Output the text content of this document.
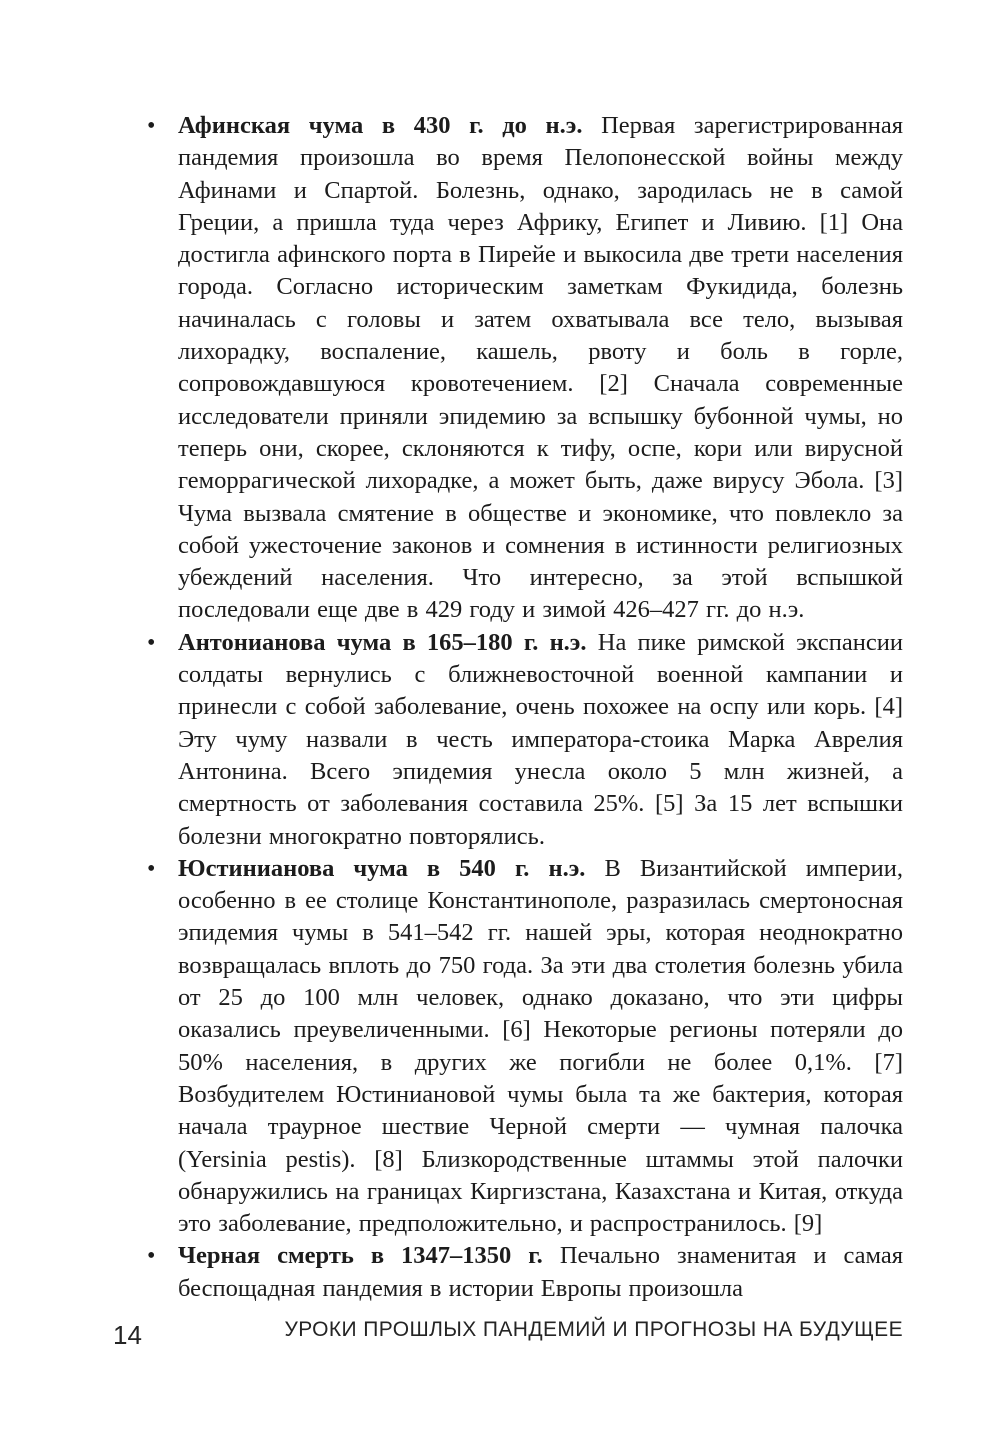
• Афинская чума в 430 г. до н.э. Первая зарегистрированная пандемия произошла во время Пелопонесской войны между Афинами и Спартой. Болезнь, однако, зародилась не в самой Греции, а пришла туда через Африку, Египет и Ливию. [1] Она достигла афинского порта в Пирейе и выкосила две трети населения города. Согласно историческим заметкам Фукидида, болезнь начиналась с головы и затем охватывала все тело, вызывая лихорадку, воспаление, кашель, рвоту и боль в горле, сопровождавшуюся кровотечением. [2] Сначала современные исследователи приняли эпидемию за вспышку бубонной чумы, но теперь они, скорее, склоняются к тифу, оспе, кори или вирусной геморрагической лихорадке, а может быть, даже вирусу Эбола. [3] Чума вызвала смятение в обществе и экономике, что повлекло за собой ужесточение законов и сомнения в истинности религиозных убеждений населения. Что интересно, за этой вспышкой последовали еще две в 429 году и зимой 426–427 гг. до н.э.
• Антонианова чума в 165–180 г. н.э. На пике римской экспансии солдаты вернулись с ближневосточной военной кампании и принесли с собой заболевание, очень похожее на оспу или корь. [4] Эту чуму назвали в честь императора-стоика Марка Аврелия Антонина. Всего эпидемия унесла около 5 млн жизней, а смертность от заболевания составила 25%. [5] За 15 лет вспышки болезни многократно повторялись.
• Юстинианова чума в 540 г. н.э. В Византийской империи, особенно в ее столице Константинополе, разразилась смертоносная эпидемия чумы в 541–542 гг. нашей эры, которая неоднократно возвращалась вплоть до 750 года. За эти два столетия болезнь убила от 25 до 100 млн человек, однако доказано, что эти цифры оказались преувеличенными. [6] Некоторые регионы потеряли до 50% населения, в других же погибли не более 0,1%. [7] Возбудителем Юстиниановой чумы была та же бактерия, которая начала траурное шествие Черной смерти — чумная палочка (Yersinia pestis). [8] Близкородственные штаммы этой палочки обнаружились на границах Киргизстана, Казахстана и Китая, откуда это заболевание, предположительно, и распространилось. [9]
• Черная смерть в 1347–1350 г. Печально знаменитая и самая беспощадная пандемия в истории Европы произошла
14	УРОКИ ПРОШЛЫХ ПАНДЕМИЙ И ПРОГНОЗЫ НА БУДУЩЕЕ
